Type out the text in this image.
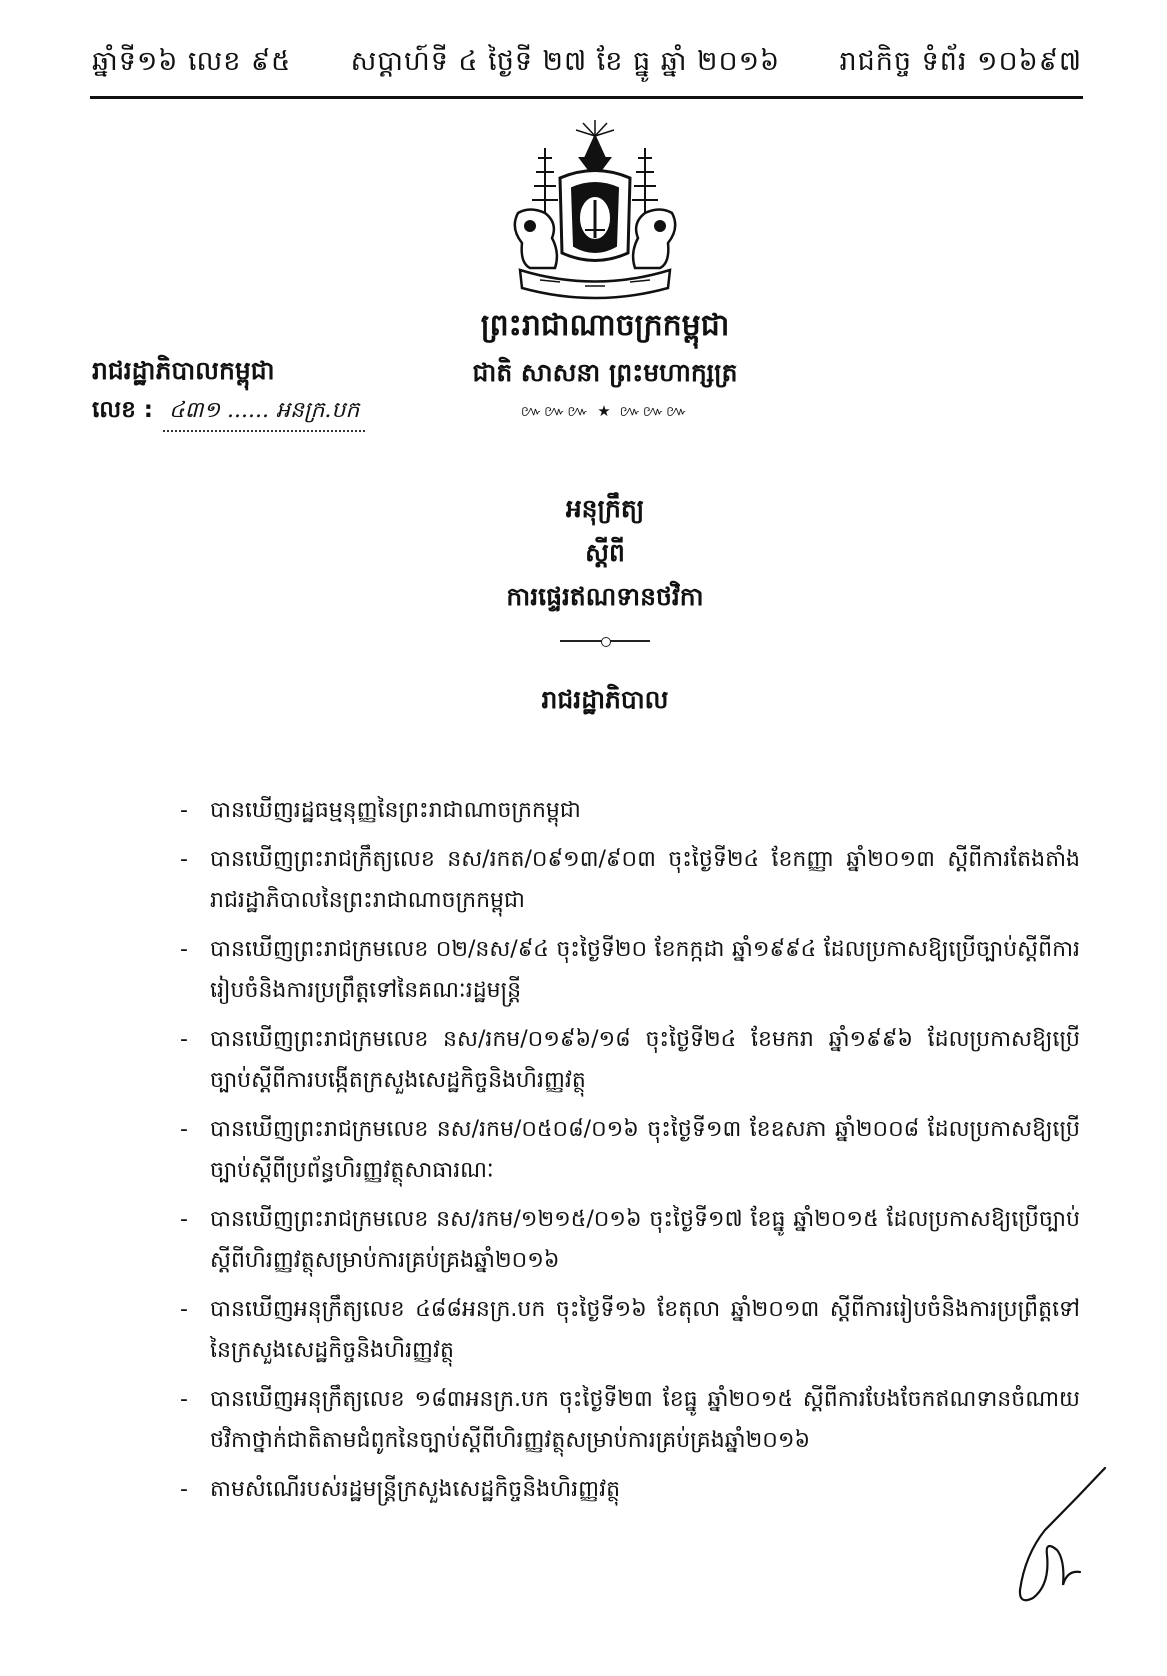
ឆ្នាំទី១៦ លេខ ៩៥ សប្ដាហ៍ទី ៤ ថ្ងៃទី ២៧ ខែ ធ្នូ ឆ្នាំ ២០១៦ រាជកិច្ច ទំព័រ ១០៦៩៧
ព្រះរាជាណាចក្រកម្ពុជា
ជាតិ សាសនា ព្រះមហាក្សត្រ
៚៚៚ ★ ៚៚៚
រាជរដ្ឋាភិបាលកម្ពុជា
លេខ : ៤៣១ ...... អនក្រ.បក
អនុក្រឹត្យ
ស្ដីពី
ការផ្ទេរឥណទានថវិកា
រាជរដ្ឋាភិបាល
- បានឃើញរដ្ឋធម្មនុញ្ញនៃព្រះរាជាណាចក្រកម្ពុជា
- បានឃើញព្រះរាជក្រឹត្យលេខ នស/រកត/០៩១៣/៩០៣ ចុះថ្ងៃទី២៤ ខែកញ្ញា ឆ្នាំ២០១៣ ស្ដីពីការតែងតាំងរាជរដ្ឋាភិបាលនៃព្រះរាជាណាចក្រកម្ពុជា
- បានឃើញព្រះរាជក្រមលេខ ០២/នស/៩៤ ចុះថ្ងៃទី២០ ខែកក្កដា ឆ្នាំ១៩៩៤ ដែលប្រកាសឱ្យប្រើច្បាប់ស្ដីពីការរៀបចំនិងការប្រព្រឹត្តទៅនៃគណៈរដ្ឋមន្ដ្រី
- បានឃើញព្រះរាជក្រមលេខ នស/រកម/០១៩៦/១៨ ចុះថ្ងៃទី២៤ ខែមករា ឆ្នាំ១៩៩៦ ដែលប្រកាសឱ្យប្រើច្បាប់ស្ដីពីការបង្កើតក្រសួងសេដ្ឋកិច្ចនិងហិរញ្ញវត្ថុ
- បានឃើញព្រះរាជក្រមលេខ នស/រកម/០៥០៨/០១៦ ចុះថ្ងៃទី១៣ ខែឧសភា ឆ្នាំ២០០៨ ដែលប្រកាសឱ្យប្រើច្បាប់ស្ដីពីប្រព័ន្ធហិរញ្ញវត្ថុសាធារណៈ
- បានឃើញព្រះរាជក្រមលេខ នស/រកម/១២១៥/០១៦ ចុះថ្ងៃទី១៧ ខែធ្នូ ឆ្នាំ២០១៥ ដែលប្រកាសឱ្យប្រើច្បាប់ស្ដីពីហិរញ្ញវត្ថុសម្រាប់ការគ្រប់គ្រងឆ្នាំ២០១៦
- បានឃើញអនុក្រឹត្យលេខ ៤៨៨អនក្រ.បក ចុះថ្ងៃទី១៦ ខែតុលា ឆ្នាំ២០១៣ ស្ដីពីការរៀបចំនិងការប្រព្រឹត្តទៅនៃក្រសួងសេដ្ឋកិច្ចនិងហិរញ្ញវត្ថុ
- បានឃើញអនុក្រឹត្យលេខ ១៨៣អនក្រ.បក ចុះថ្ងៃទី២៣ ខែធ្នូ ឆ្នាំ២០១៥ ស្ដីពីការបែងចែកឥណទានចំណាយថវិកាថ្នាក់ជាតិតាមជំពូកនៃច្បាប់ស្ដីពីហិរញ្ញវត្ថុសម្រាប់ការគ្រប់គ្រងឆ្នាំ២០១៦
- តាមសំណើរបស់រដ្ឋមន្ដ្រីក្រសួងសេដ្ឋកិច្ចនិងហិរញ្ញវត្ថុ
